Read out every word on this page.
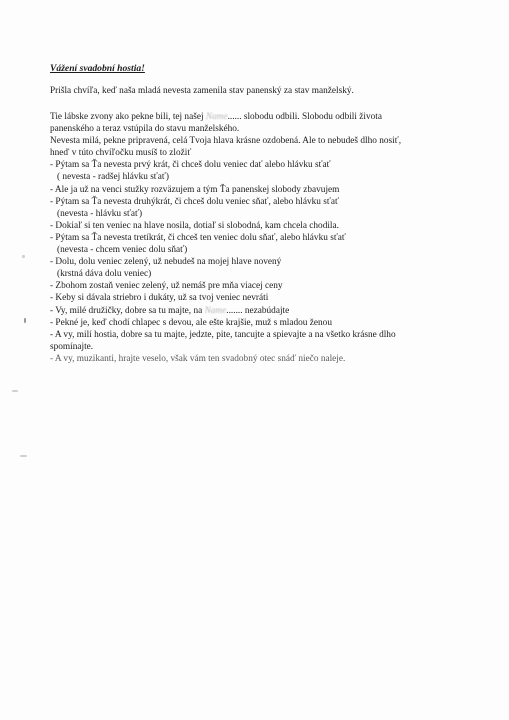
Vážení svadobní hostia!
Prišla chvíľa, keď naša mladá nevesta zamenila stav panenský za stav manželský.
Tie lábske zvony ako pekne bili, tej našej Name...... slobodu odbili. Slobodu odbili života
panenského a teraz vstúpila do stavu manželského.
Nevesta milá, pekne pripravená, celá Tvoja hlava krásne ozdobená. Ale to nebudeš dlho nosiť,
hneď v túto chvíľočku musíš to zložiť
- Pýtam sa Ťa nevesta prvý krát, či chceš dolu veniec dať alebo hlávku sťať
( nevesta - radšej hlávku sťať)
- Ale ja už na venci stužky rozväzujem a tým Ťa panenskej slobody zbavujem
- Pýtam sa Ťa nevesta druhýkrát, či chceš dolu veniec sňať, alebo hlávku sťať
(nevesta - hlávku sťať)
- Dokiaľ si ten veniec na hlave nosila, dotiaľ si slobodná, kam chcela chodila.
- Pýtam sa Ťa nevesta tretíkrát, či chceš ten veniec dolu sňať, alebo hlávku sťať
(nevesta - chcem veniec dolu sňať)
- Dolu, dolu veniec zelený, už nebudeš na mojej hlave novený
(krstná dáva dolu veniec)
- Zbohom zostaň veniec zelený, už nemáš pre mňa viacej ceny
- Keby si dávala striebro i dukáty, už sa tvoj veniec nevráti
- Vy, milé družičky, dobre sa tu majte, na Name....... nezabúdajte
- Pekné je, keď chodí chlapec s devou, ale ešte krajšie, muž s mladou ženou
- A vy, milí hostia, dobre sa tu majte, jedzte, pite, tancujte a spievajte a na všetko krásne dlho
spomínajte.
- A vy, muzikanti, hrajte veselo, však vám ten svadobný otec snáď niečo naleje.
